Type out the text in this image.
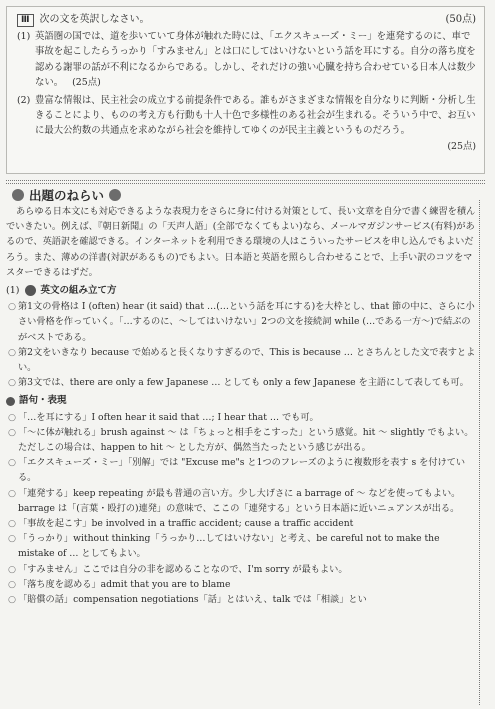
Ⅲ	次の文を英訳しなさい。	(50点)
(1) 英語圏の国では、道を歩いていて身体が触れた時には、「エクスキューズ・ミー」を連発するのに、車で事故を起こしたらうっかり「すみません」とは口にしてはいけないという話を耳にする。自分の落ち度を認める謝罪の話が不利になるからである。しかし、それだけの強い心臓を持ち合わせている日本人は数少ない。 (25点)
(2) 豊富な情報は、民主社会の成立する前提条件である。誰もがさまざまな情報を自分なりに判断・分析し生きることにより、ものの考え方も行動も十人十色で多様性のある社会が生まれる。そういう中で、お互いに最大公約数の共通点を求めながら社会を維持してゆくのが民主主義というものだろう。
(25点)
出題のねらい

あらゆる日本文にも対応できるような表現力をさらに身に付ける対策として、長い文章を自分で書く練習を積んでいきたい。例えば、『朝日新聞』の「天声人語」(全部でなくてもよい)なら、メールマガジンサービス(有料)があるので、英語訳を確認できる。インターネットを利用できる環境の人はこういったサービスを申し込んでもよいだろう。また、薄めの洋書(対訳があるもの)でもよい。日本語と英語を照らし合わせることで、上手い訳のコツをマスターできるはずだ。

(1) 英文の組み立て方
○ 第1文の骨格は I (often) hear (it said) that …(…という話を耳にする)を大枠とし、that 節の中に、さらに小さい骨格を作っていく。「…するのに、〜してはいけない」2つの文を接続詞 while (…である一方〜)で結ぶのがベストである。
○ 第2文をいきなり because で始めると長くなりすぎるので、This is because … とさちんとした文で表すとよい。
○ 第3文では、there are only a few Japanese … としても only a few Japanese を主語にして表しても可。
語句・表現
○ 「…を耳にする」I often hear it said that …; I hear that … でも可。
○ 「〜に体が触れる」brush against 〜 は「ちょっと相手をこすった」という感覚。hit 〜 slightly でもよい。ただしこの場合は、happen to hit 〜 とした方が、偶然当たったという感じが出る。
○ 「エクスキューズ・ミー」「別解」では "Excuse me"s と1つのフレーズのように複数形を表す s を付けている。
○ 「連発する」keep repeating が最も普通の言い方。少し大げさに a barrage of 〜 などを使ってもよい。barrage は「(言葉・殴打の)連発」の意味で、ここの「連発する」という日本語に近いニュアンスが出る。
○ 「事故を起こす」be involved in a traffic accident; cause a traffic accident
○ 「うっかり」without thinking「うっかり…してはいけない」と考え、be careful not to make the mistake of … としてもよい。
○ 「すみません」ここでは自分の非を認めることなので、I'm sorry が最もよい。
○ 「落ち度を認める」admit that you are to blame
○ 「賠償の話」compensation negotiations「話」とはいえ、talk では「相談」とい
